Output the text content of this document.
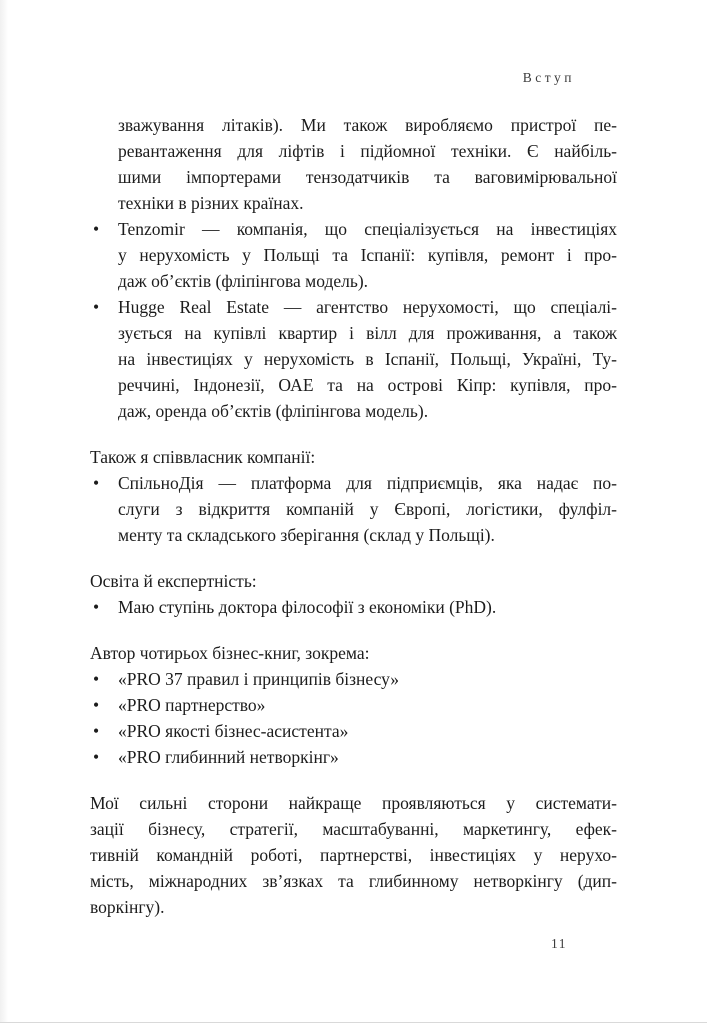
Вступ
зважування літаків). Ми також виробляємо пристрої пе-
ревантаження для ліфтів і підйомної техніки. Є найбіль-
шими імпортерами тензодатчиків та ваговимірювальної
техніки в різних країнах.
• Tenzomir — компанія, що спеціалізується на інвестиціях
у нерухомість у Польщі та Іспанії: купівля, ремонт і про-
даж об’єктів (фліпінгова модель).
• Hugge Real Estate — агентство нерухомості, що спеціалі-
зується на купівлі квартир і вілл для проживання, а також
на інвестиціях у нерухомість в Іспанії, Польщі, Україні, Ту-
реччині, Індонезії, ОАЕ та на острові Кіпр: купівля, про-
даж, оренда об’єктів (фліпінгова модель).
Також я співвласник компанії:
• СпільноДія — платформа для підприємців, яка надає по-
слуги з відкриття компаній у Європі, логістики, фулфіл-
менту та складського зберігання (склад у Польщі).
Освіта й експертність:
• Маю ступінь доктора філософії з економіки (PhD).
Автор чотирьох бізнес-книг, зокрема:
• «PRO 37 правил і принципів бізнесу»
• «PRO партнерство»
• «PRO якості бізнес-асистента»
• «PRO глибинний нетворкінг»
Мої сильні сторони найкраще проявляються у системати-
зації бізнесу, стратегії, масштабуванні, маркетингу, ефек-
тивній командній роботі, партнерстві, інвестиціях у нерухо-
мість, міжнародних зв’язках та глибинному нетворкінгу (дип-
воркінгу).
11
